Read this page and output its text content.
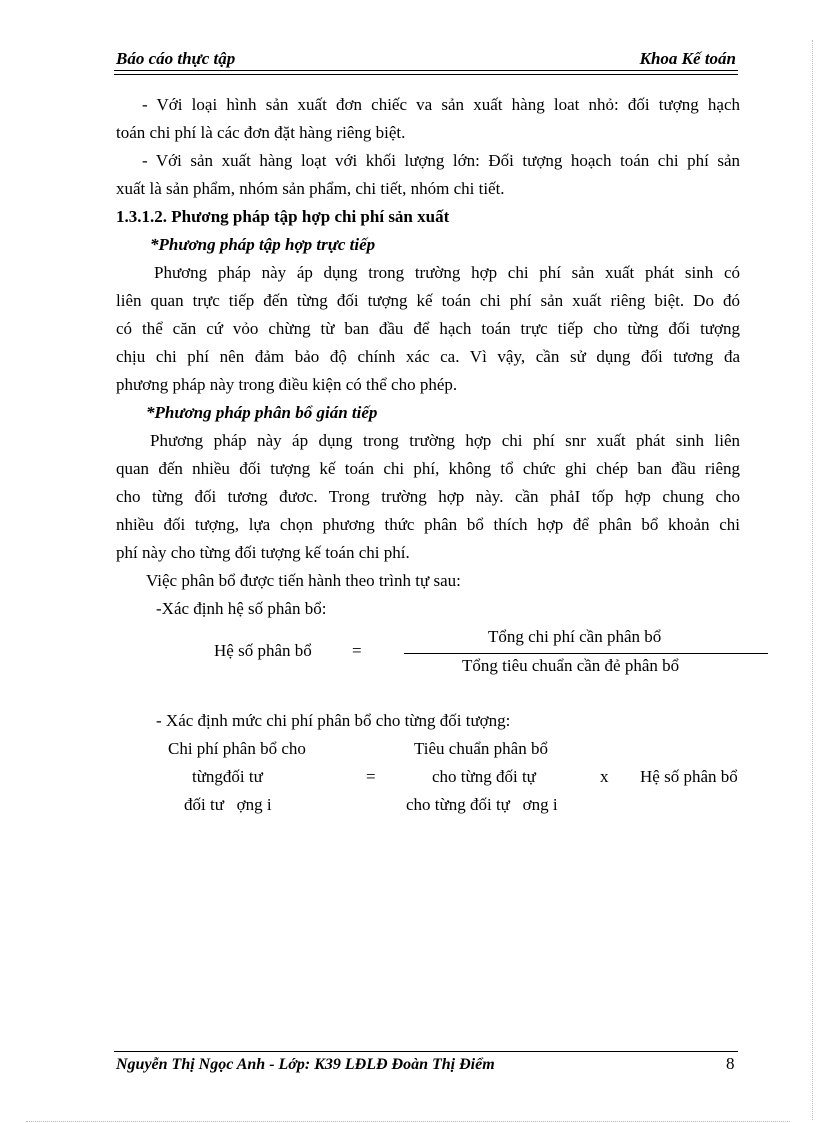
Báo cáo thực tập	Khoa Kế toán
- Với loại hình sản xuất đơn chiếc va sản xuất hàng loat nhỏ: đối tượng hạch
toán chi phí là các đơn đặt hàng riêng biệt.
- Với sản xuất hàng loạt với khối lượng lớn: Đối tượng hoạch toán chi phí sản
xuất là sản phẩm, nhóm sản phẩm, chi tiết, nhóm chi tiết.
1.3.1.2. Phương pháp tập hợp chi phí sản xuất
*Phương pháp tập hợp trực tiếp
Phương pháp này áp dụng trong trường hợp chi phí sản xuất phát sinh có
liên quan trực tiếp đến từng đối tượng kế toán chi phí sản xuất riêng biệt. Do đó
có thể căn cứ vỏo chừng từ ban đầu để hạch toán trực tiếp cho từng đối tượng
chịu chi phí nên đảm bảo độ chính xác ca. Vì vậy, cần sử dụng đối tương đa
phương pháp này trong điều kiện có thể cho phép.
*Phương pháp phân bổ gián tiếp
Phương pháp này áp dụng trong trường hợp chi phí snr xuất phát sinh liên
quan đến nhiều đối tượng kế toán chi phí, không tổ chức ghi chép ban đầu riêng
cho từng đối tương đươc. Trong trường hợp này. cần phảI tốp hợp chung cho
nhiều đối tượng, lựa chọn phương thức phân bổ thích hợp để phân bổ khoản chi
phí này cho từng đối tượng kế toán chi phí.
Việc phân bổ được tiến hành theo trình tự sau:
-Xác định hệ số phân bổ:
Hệ số phân bổ =
Tổng chi phí cần phân bổ
Tổng tiêu chuẩn cần đẻ phân bổ
- Xác định mức chi phí phân bổ cho từng đối tượng:
Chi phí phân bổ cho
từngđối tư
đối tư   ợng i
=
Tiêu chuẩn phân bổ
cho từng đối tự
cho từng đối tự   ơng i
x Hệ số phân bổ
Nguyễn Thị Ngọc Anh - Lớp: K39 LĐLĐ Đoàn Thị Điểm	8
